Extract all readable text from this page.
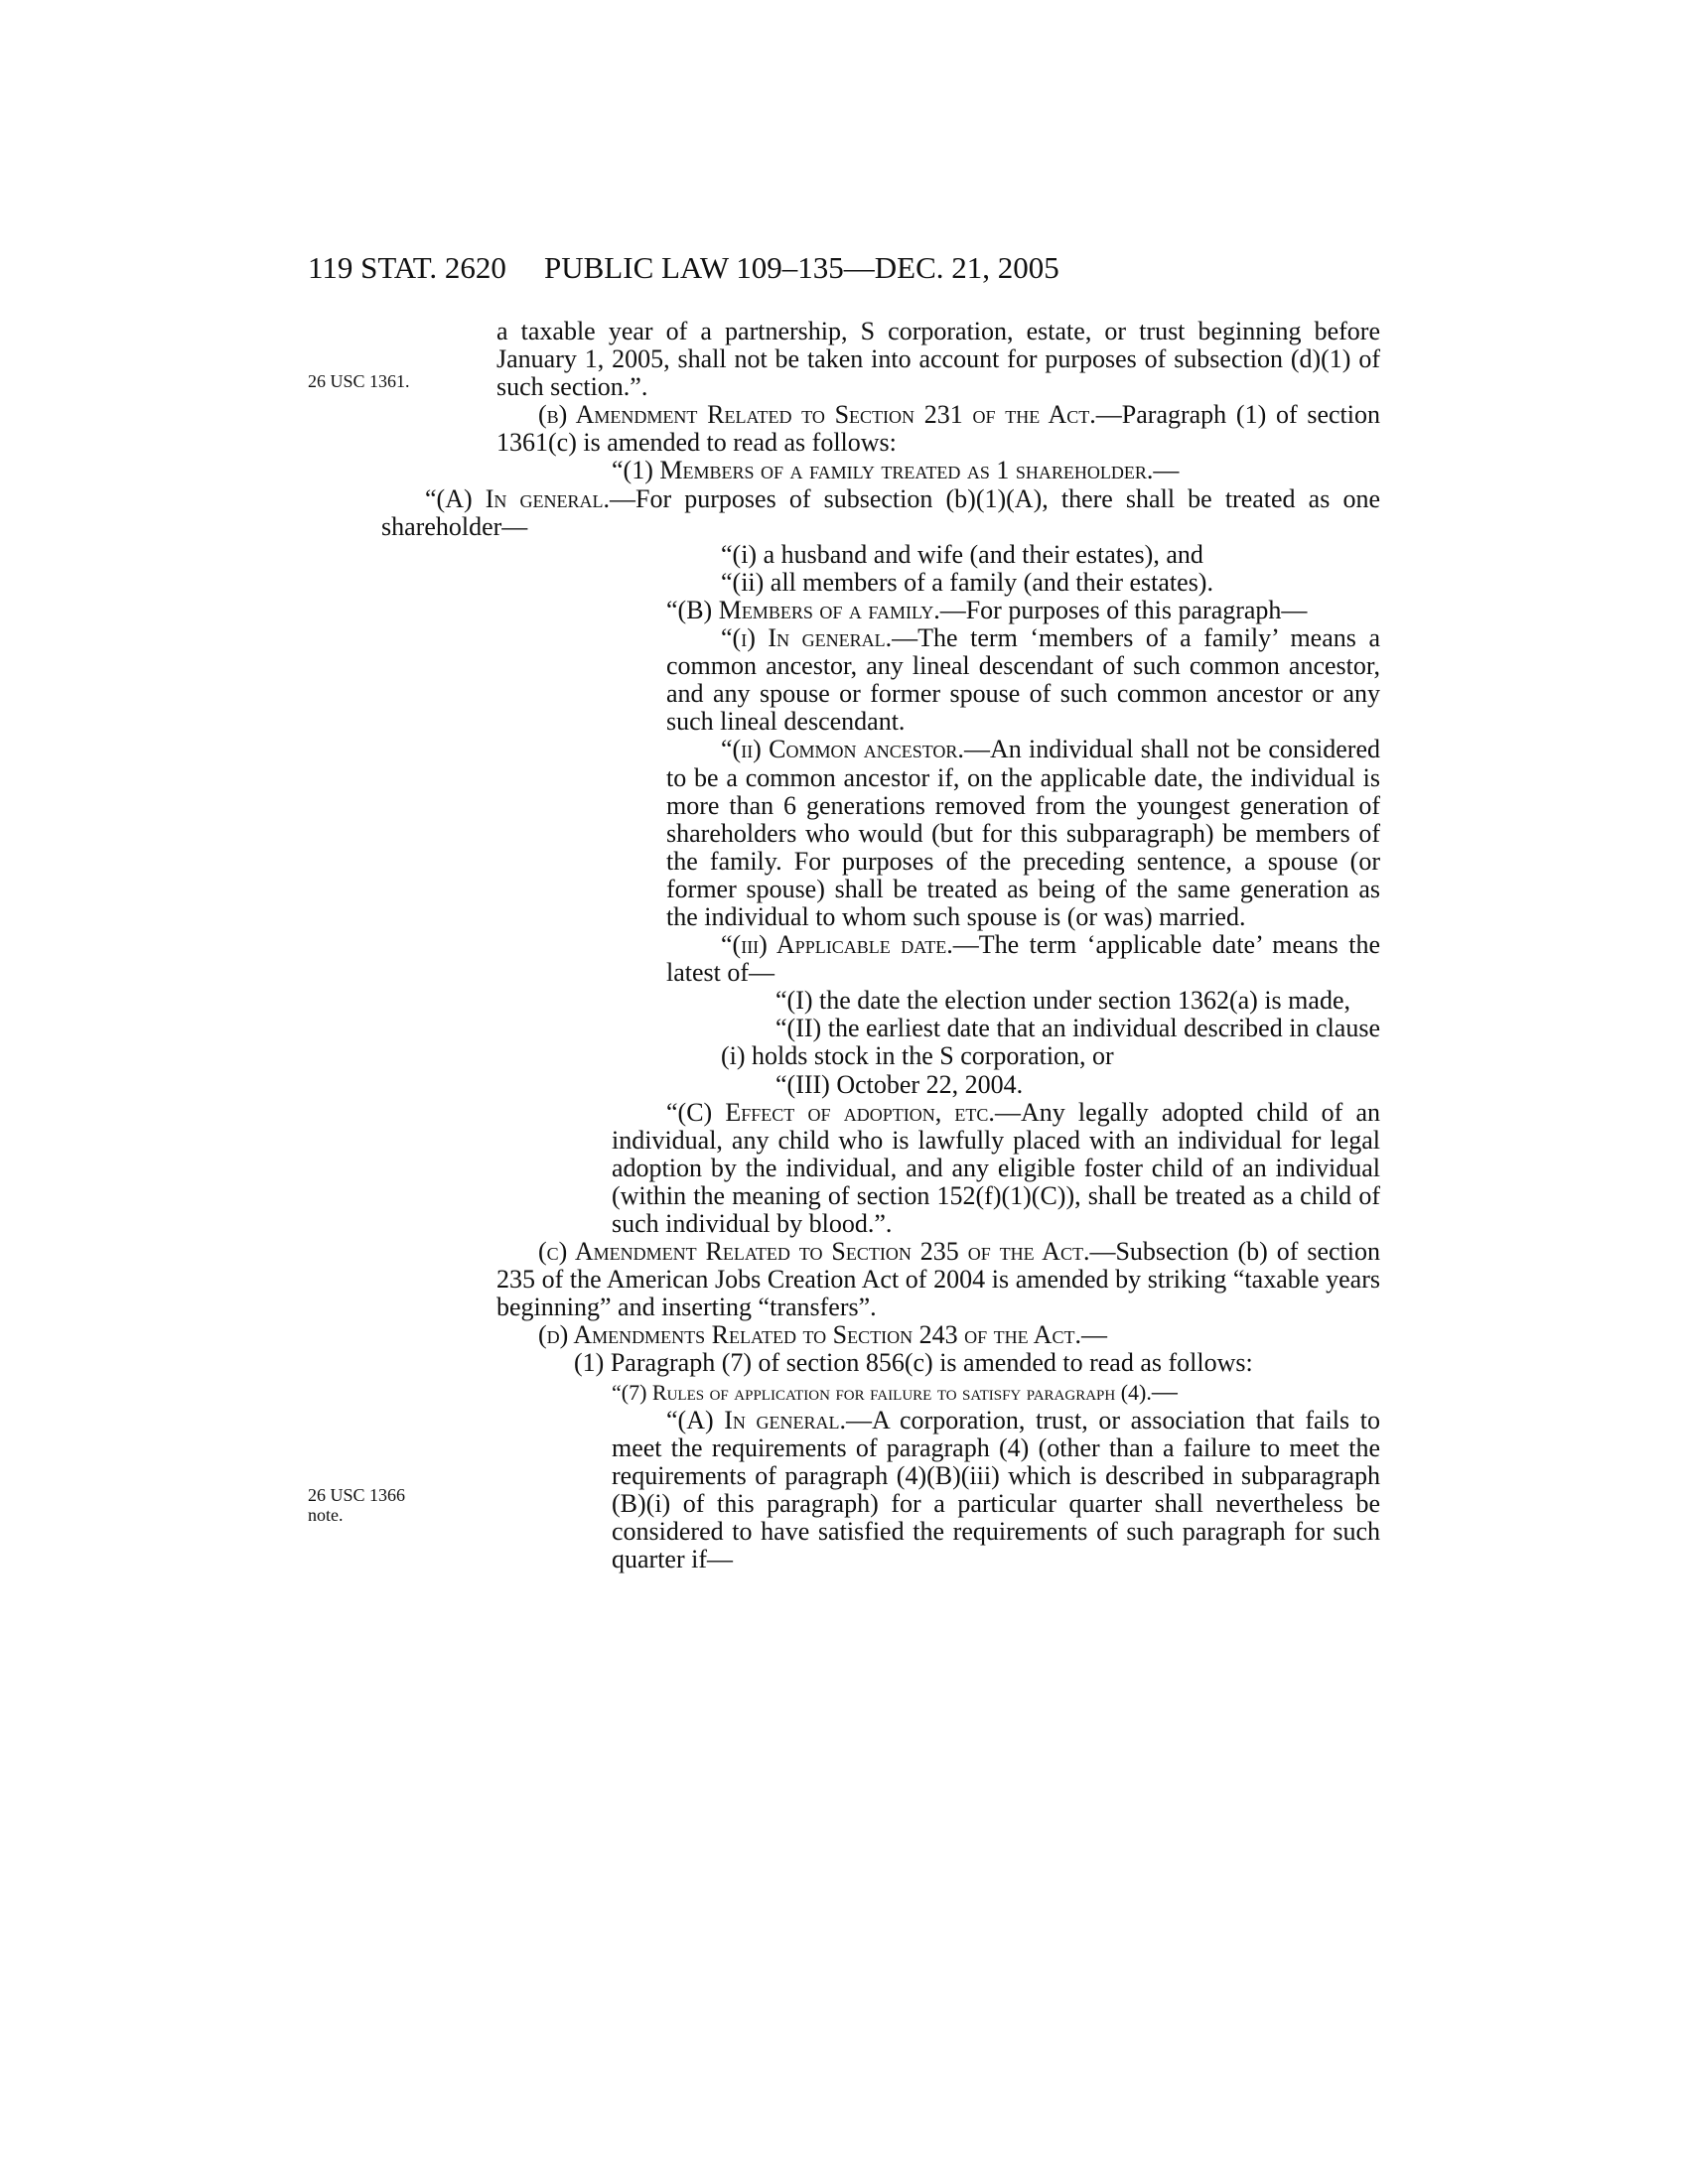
119 STAT. 2620 PUBLIC LAW 109–135—DEC. 21, 2005
26 USC 1361.
26 USC 1366
note.

a taxable year of a partnership, S corporation, estate, or trust beginning before January 1, 2005, shall not be taken into account for purposes of subsection (d)(1) of such section.”.

(b) Amendment Related to Section 231 of the Act.—Paragraph (1) of section 1361(c) is amended to read as follows:

“(1) Members of a family treated as 1 shareholder.—

“(A) In general.—For purposes of subsection (b)(1)(A), there shall be treated as one shareholder—

“(i) a husband and wife (and their estates), and

“(ii) all members of a family (and their estates).

“(B) Members of a family.—For purposes of this paragraph—

“(i) In general.—The term ‘members of a family’ means a common ancestor, any lineal descendant of such common ancestor, and any spouse or former spouse of such common ancestor or any such lineal descendant.

“(ii) Common ancestor.—An individual shall not be considered to be a common ancestor if, on the applicable date, the individual is more than 6 generations removed from the youngest generation of shareholders who would (but for this subparagraph) be members of the family. For purposes of the preceding sentence, a spouse (or former spouse) shall be treated as being of the same generation as the individual to whom such spouse is (or was) married.

“(iii) Applicable date.—The term ‘applicable date’ means the latest of—

“(I) the date the election under section 1362(a) is made,

“(II) the earliest date that an individual described in clause (i) holds stock in the S corporation, or

“(III) October 22, 2004.

“(C) Effect of adoption, etc.—Any legally adopted child of an individual, any child who is lawfully placed with an individual for legal adoption by the individual, and any eligible foster child of an individual (within the meaning of section 152(f)(1)(C)), shall be treated as a child of such individual by blood.”.

(c) Amendment Related to Section 235 of the Act.—Subsection (b) of section 235 of the American Jobs Creation Act of 2004 is amended by striking “taxable years beginning” and inserting “transfers”.

(d) Amendments Related to Section 243 of the Act.—

(1) Paragraph (7) of section 856(c) is amended to read as follows:

“(7) Rules of application for failure to satisfy paragraph (4).—

“(A) In general.—A corporation, trust, or association that fails to meet the requirements of paragraph (4) (other than a failure to meet the requirements of paragraph (4)(B)(iii) which is described in subparagraph (B)(i) of this paragraph) for a particular quarter shall nevertheless be considered to have satisfied the requirements of such paragraph for such quarter if—
